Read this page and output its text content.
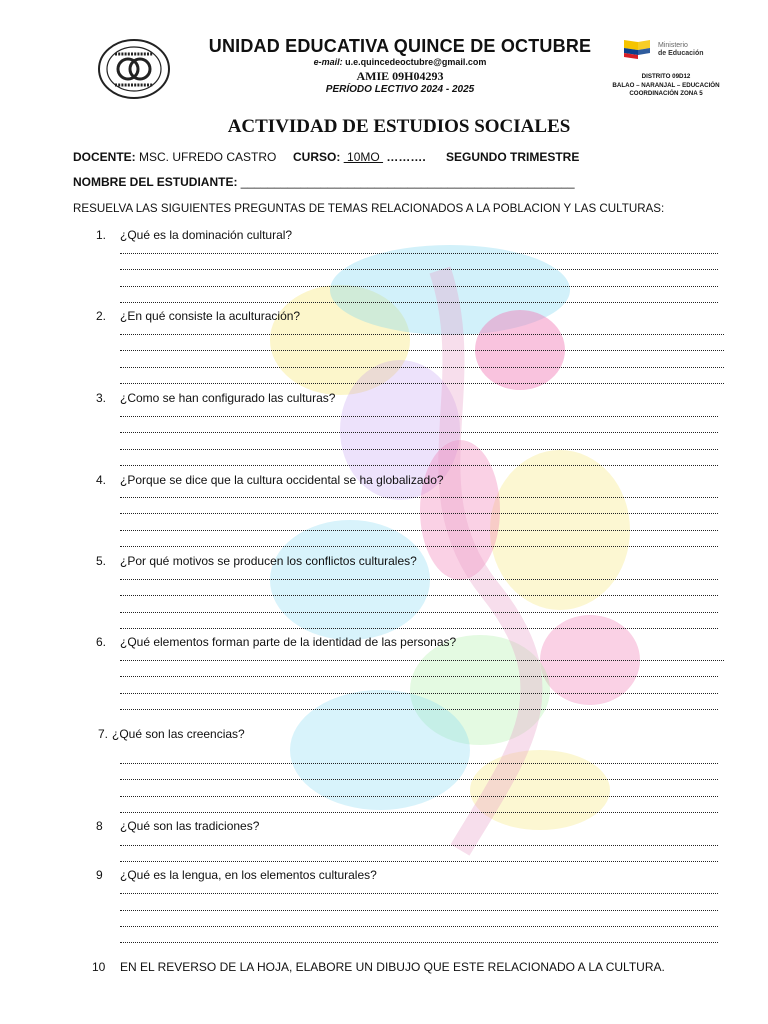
UNIDAD EDUCATIVA QUINCE DE OCTUBRE
e-mail: u.e.quincedeoctubre@gmail.com
AMIE 09H04293
PERÍODO LECTIVO 2024 - 2025
Ministerio
de Educación
DISTRITO 09D12
BALAO – NARANJAL – EDUCACIÓN
COORDINACIÓN ZONA 5
ACTIVIDAD DE ESTUDIOS SOCIALES
DOCENTE: MSC. UFREDO CASTRO CURSO:  10MO  ………. SEGUNDO TRIMESTRE
NOMBRE DEL ESTUDIANTE: __________________________________________________
RESUELVA LAS SIGUIENTES PREGUNTAS DE TEMAS RELACIONADOS A LA POBLACION Y LAS CULTURAS:
1. ¿Qué es la dominación cultural?
2. ¿En qué consiste la aculturación?
3. ¿Como se han configurado las culturas?
4. ¿Porque se dice que la cultura occidental se ha globalizado?
5. ¿Por qué motivos se producen los conflictos culturales?
6. ¿Qué elementos forman parte de la identidad de las personas?
7. ¿Qué son las creencias?
8 ¿Qué son las tradiciones?
9 ¿Qué es la lengua, en los elementos culturales?
10 EN EL REVERSO DE LA HOJA, ELABORE UN DIBUJO QUE ESTE RELACIONADO A LA CULTURA.
